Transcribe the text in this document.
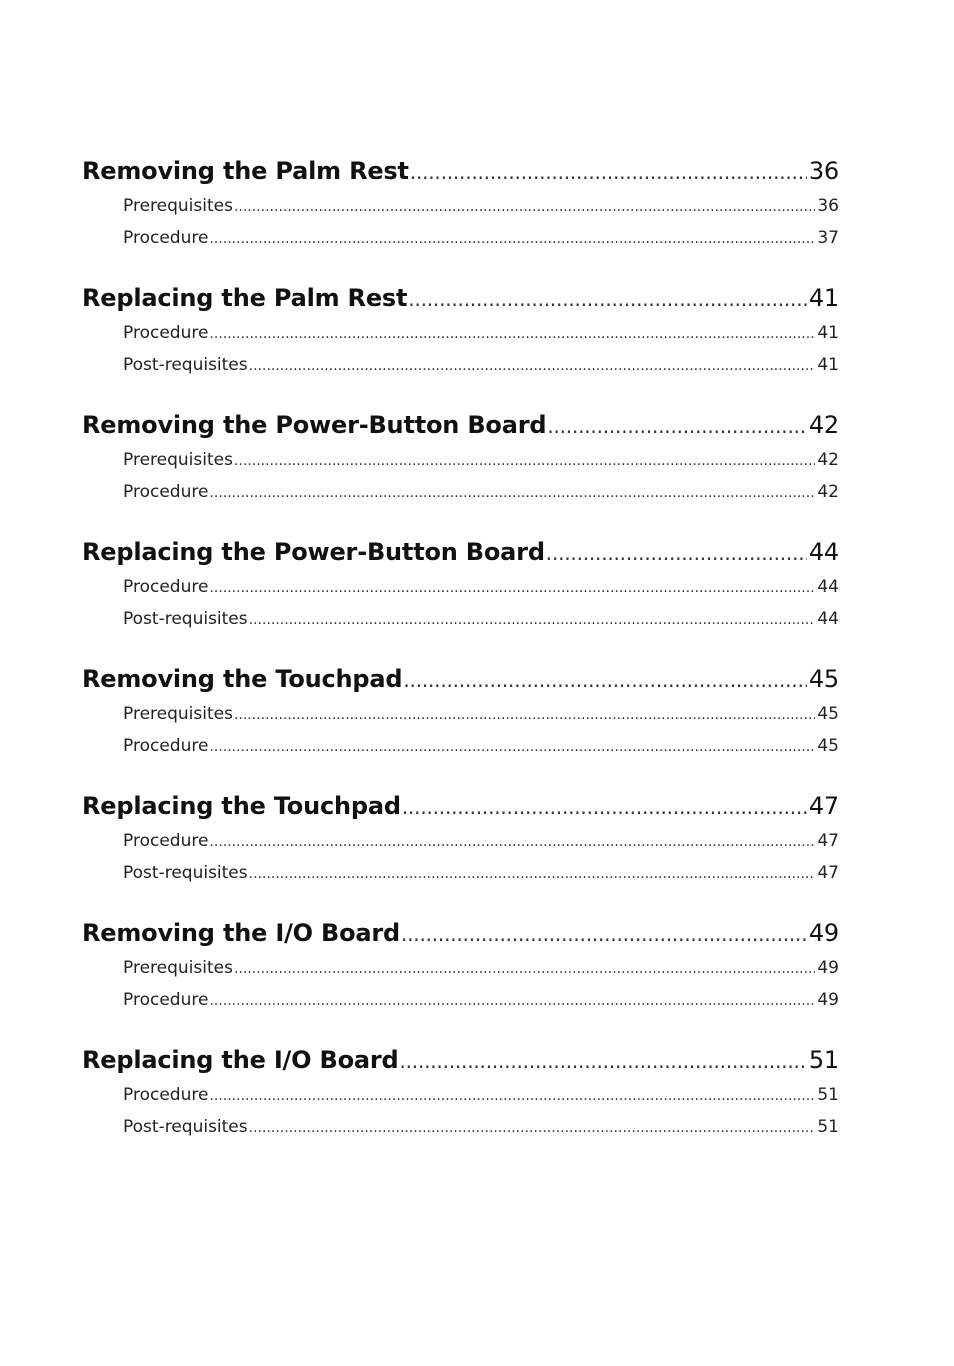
Removing the Palm Rest .....	36
Prerequisites .....	36
Procedure .....	37
Replacing the Palm Rest .....	41
Procedure .....	41
Post-requisites .....	41
Removing the Power-Button Board .....	42
Prerequisites .....	42
Procedure .....	42
Replacing the Power-Button Board .....	44
Procedure .....	44
Post-requisites .....	44
Removing the Touchpad .....	45
Prerequisites .....	45
Procedure .....	45
Replacing the Touchpad .....	47
Procedure .....	47
Post-requisites .....	47
Removing the I/O Board .....	49
Prerequisites .....	49
Procedure .....	49
Replacing the I/O Board .....	51
Procedure .....	51
Post-requisites .....	51
